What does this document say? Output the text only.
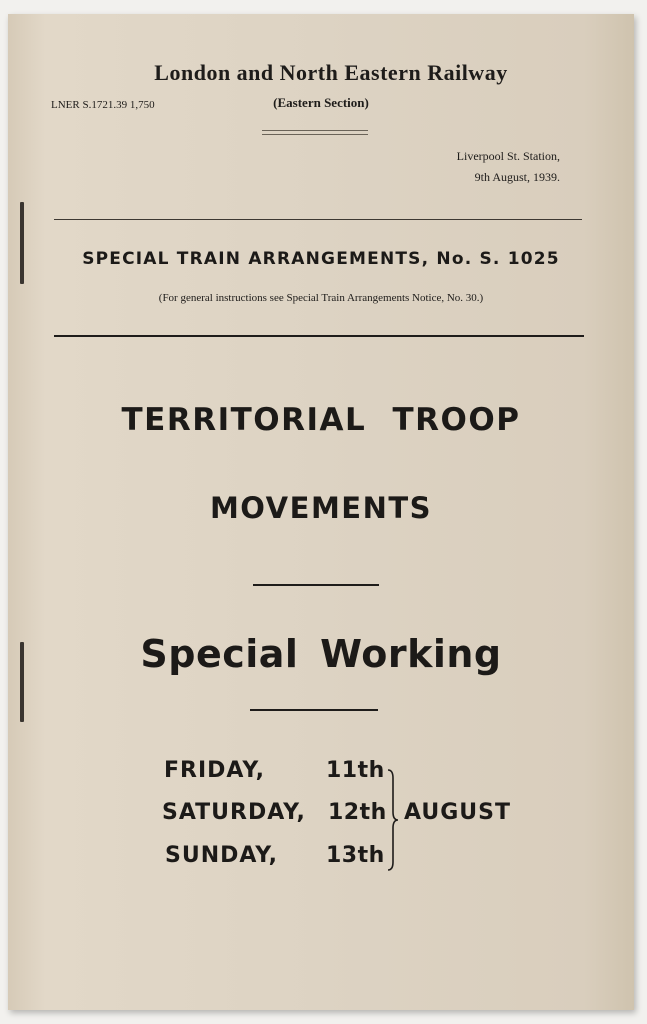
London and North Eastern Railway
LNER S.1721.39 1,750	(Eastern Section)
Liverpool St. Station,
9th August, 1939.
SPECIAL TRAIN ARRANGEMENTS, No. S. 1025
(For general instructions see Special Train Arrangements Notice, No. 30.)
TERRITORIAL TROOP
MOVEMENTS
Special Working
FRIDAY,	11th
SATURDAY, 12th
SUNDAY, 13th
AUGUST
